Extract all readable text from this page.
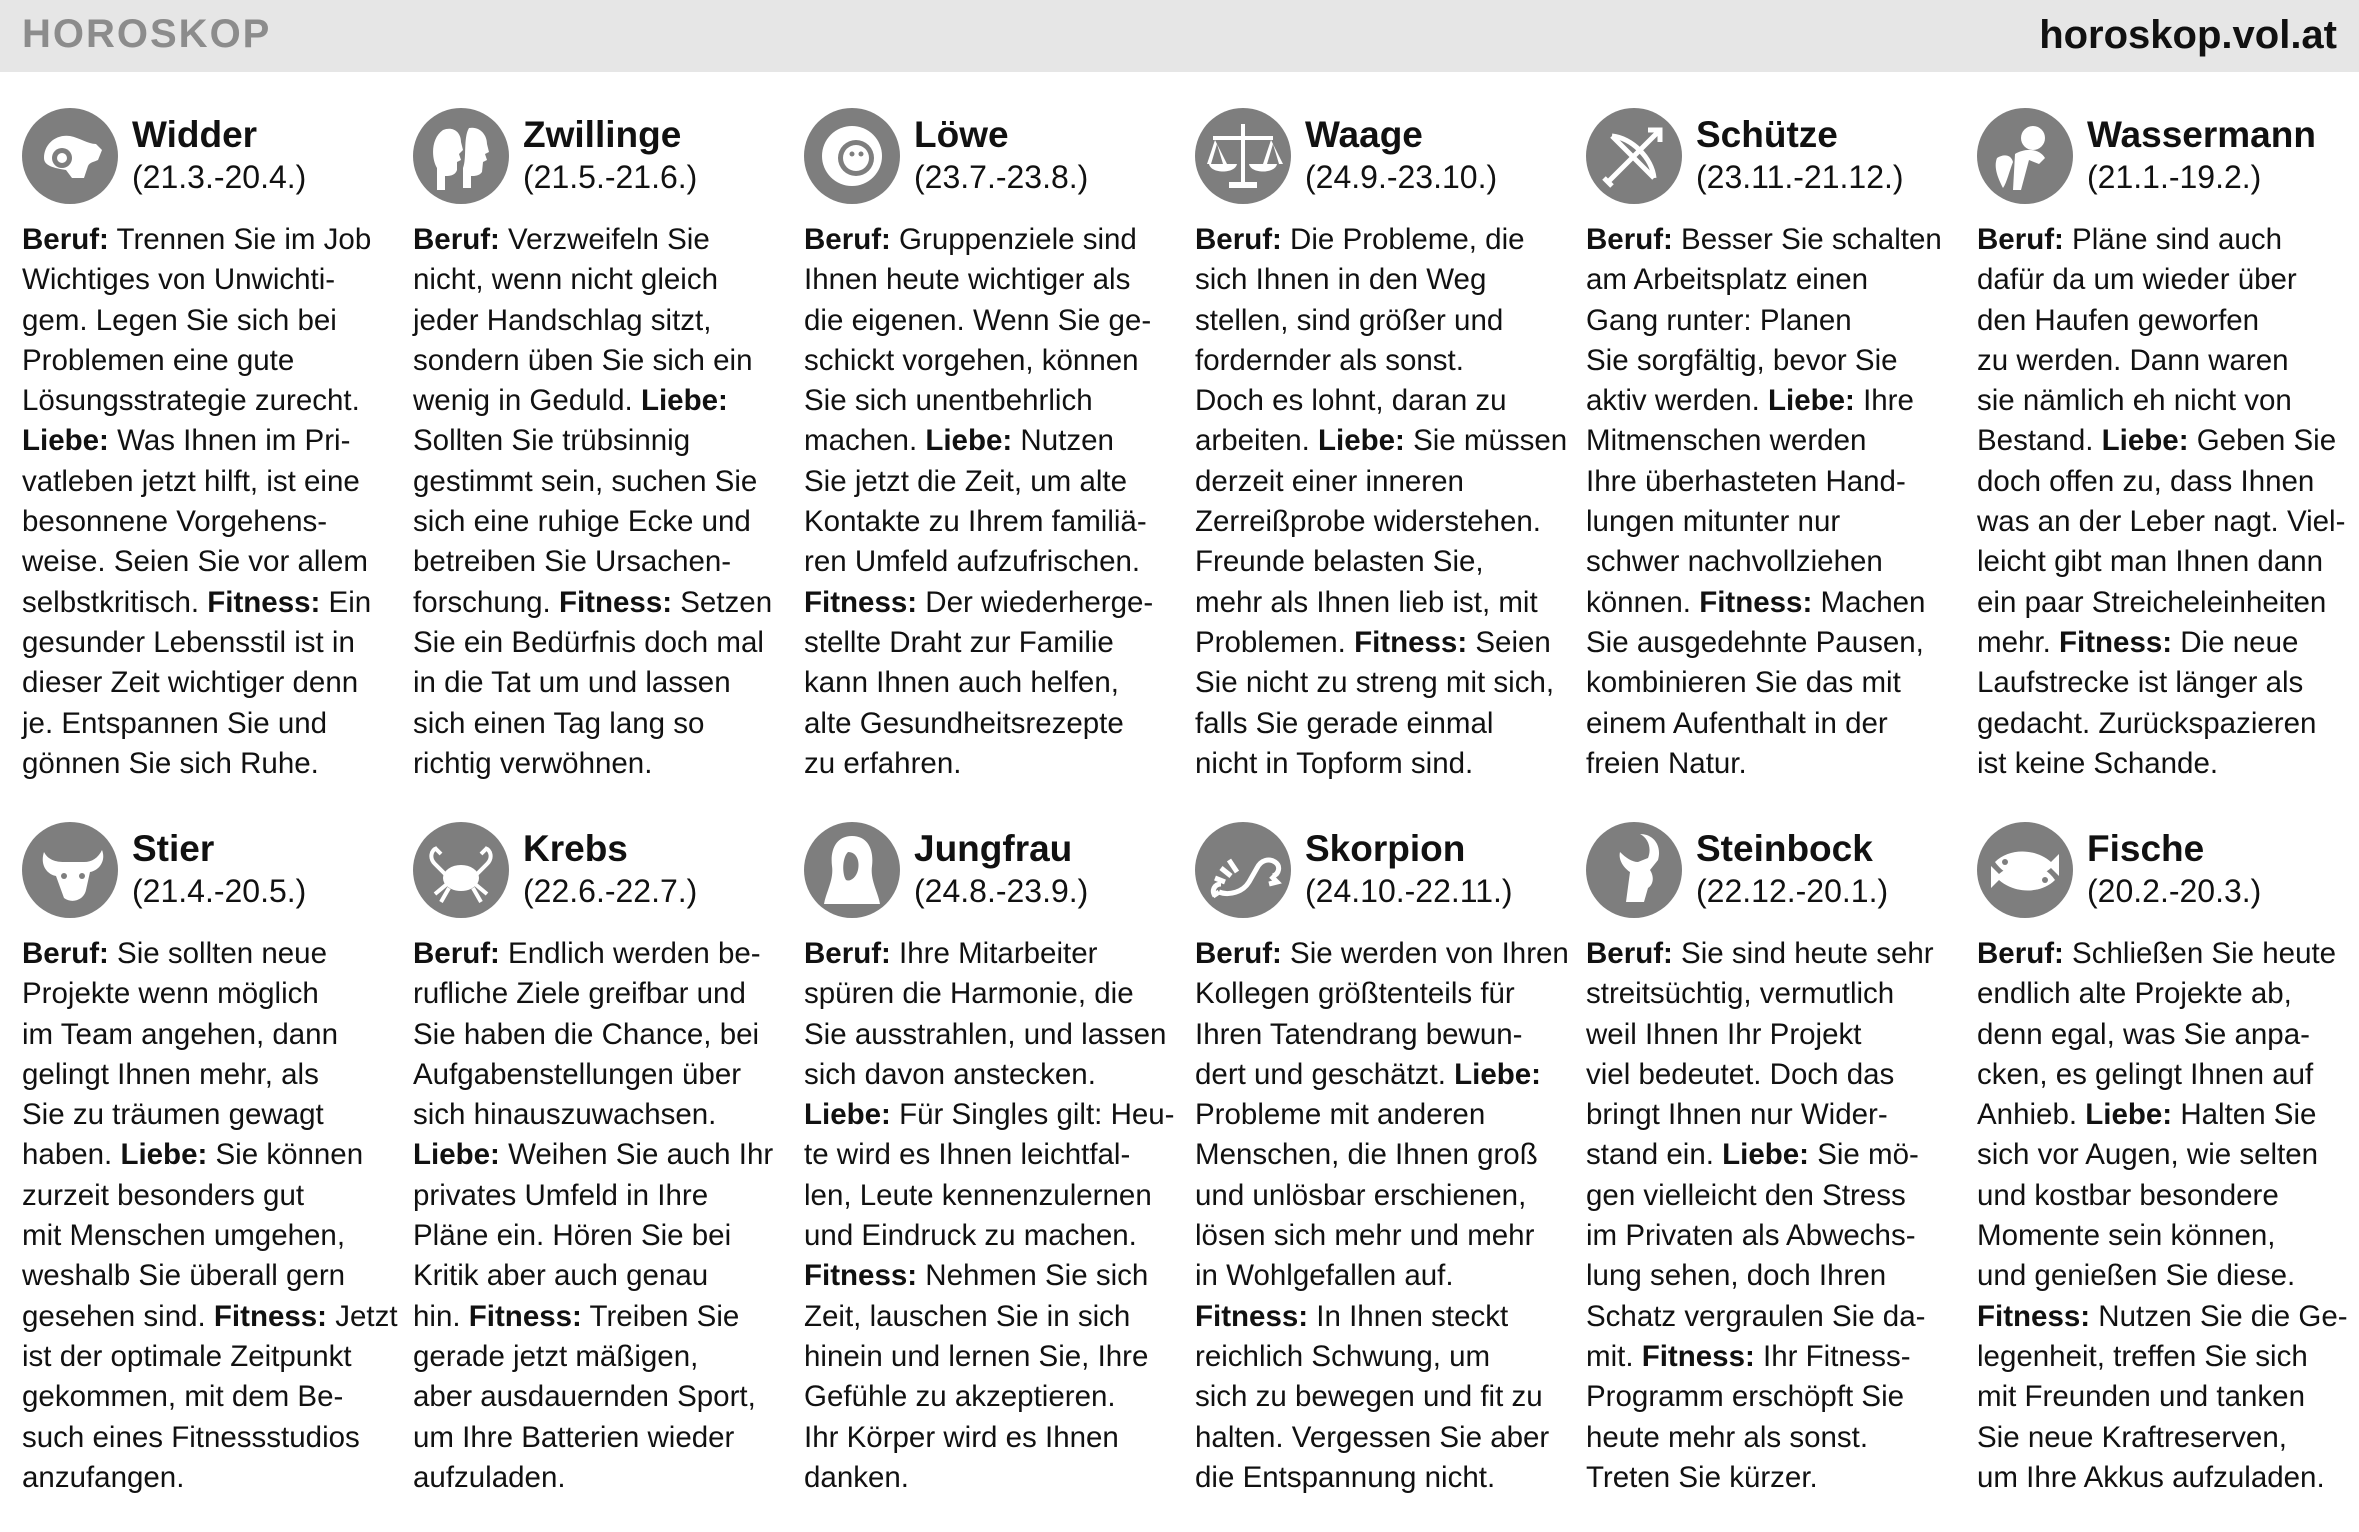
HOROSKOP	horoskop.vol.at
Widder
(21.3.-20.4.)
Beruf: Trennen Sie im Job
Wichtiges von Unwichti-
gem. Legen Sie sich bei
Problemen eine gute
Lösungsstrategie zurecht.
Liebe: Was Ihnen im Pri-
vatleben jetzt hilft, ist eine
besonnene Vorgehens-
weise. Seien Sie vor allem
selbstkritisch. Fitness: Ein
gesunder Lebensstil ist in
dieser Zeit wichtiger denn
je. Entspannen Sie und
gönnen Sie sich Ruhe.
Zwillinge
(21.5.-21.6.)
Beruf: Verzweifeln Sie
nicht, wenn nicht gleich
jeder Handschlag sitzt,
sondern üben Sie sich ein
wenig in Geduld. Liebe:
Sollten Sie trübsinnig
gestimmt sein, suchen Sie
sich eine ruhige Ecke und
betreiben Sie Ursachen-
forschung. Fitness: Setzen
Sie ein Bedürfnis doch mal
in die Tat um und lassen
sich einen Tag lang so
richtig verwöhnen.
Löwe
(23.7.-23.8.)
Beruf: Gruppenziele sind
Ihnen heute wichtiger als
die eigenen. Wenn Sie ge-
schickt vorgehen, können
Sie sich unentbehrlich
machen. Liebe: Nutzen
Sie jetzt die Zeit, um alte
Kontakte zu Ihrem familiä-
ren Umfeld aufzufrischen.
Fitness: Der wiederherge-
stellte Draht zur Familie
kann Ihnen auch helfen,
alte Gesundheitsrezepte
zu erfahren.
Waage
(24.9.-23.10.)
Beruf: Die Probleme, die
sich Ihnen in den Weg
stellen, sind größer und
fordernder als sonst.
Doch es lohnt, daran zu
arbeiten. Liebe: Sie müssen
derzeit einer inneren
Zerreißprobe widerstehen.
Freunde belasten Sie,
mehr als Ihnen lieb ist, mit
Problemen. Fitness: Seien
Sie nicht zu streng mit sich,
falls Sie gerade einmal
nicht in Topform sind.
Schütze
(23.11.-21.12.)
Beruf: Besser Sie schalten
am Arbeitsplatz einen
Gang runter: Planen
Sie sorgfältig, bevor Sie
aktiv werden. Liebe: Ihre
Mitmenschen werden
Ihre überhasteten Hand-
lungen mitunter nur
schwer nachvollziehen
können. Fitness: Machen
Sie ausgedehnte Pausen,
kombinieren Sie das mit
einem Aufenthalt in der
freien Natur.
Wassermann
(21.1.-19.2.)
Beruf: Pläne sind auch
dafür da um wieder über
den Haufen geworfen
zu werden. Dann waren
sie nämlich eh nicht von
Bestand. Liebe: Geben Sie
doch offen zu, dass Ihnen
was an der Leber nagt. Viel-
leicht gibt man Ihnen dann
ein paar Streicheleinheiten
mehr. Fitness: Die neue
Laufstrecke ist länger als
gedacht. Zurückspazieren
ist keine Schande.
Stier
(21.4.-20.5.)
Beruf: Sie sollten neue
Projekte wenn möglich
im Team angehen, dann
gelingt Ihnen mehr, als
Sie zu träumen gewagt
haben. Liebe: Sie können
zurzeit besonders gut
mit Menschen umgehen,
weshalb Sie überall gern
gesehen sind. Fitness: Jetzt
ist der optimale Zeitpunkt
gekommen, mit dem Be-
such eines Fitnessstudios
anzufangen.
Krebs
(22.6.-22.7.)
Beruf: Endlich werden be-
rufliche Ziele greifbar und
Sie haben die Chance, bei
Aufgabenstellungen über
sich hinauszuwachsen.
Liebe: Weihen Sie auch Ihr
privates Umfeld in Ihre
Pläne ein. Hören Sie bei
Kritik aber auch genau
hin. Fitness: Treiben Sie
gerade jetzt mäßigen,
aber ausdauernden Sport,
um Ihre Batterien wieder
aufzuladen.
Jungfrau
(24.8.-23.9.)
Beruf: Ihre Mitarbeiter
spüren die Harmonie, die
Sie ausstrahlen, und lassen
sich davon anstecken.
Liebe: Für Singles gilt: Heu-
te wird es Ihnen leichtfal-
len, Leute kennenzulernen
und Eindruck zu machen.
Fitness: Nehmen Sie sich
Zeit, lauschen Sie in sich
hinein und lernen Sie, Ihre
Gefühle zu akzeptieren.
Ihr Körper wird es Ihnen
danken.
Skorpion
(24.10.-22.11.)
Beruf: Sie werden von Ihren
Kollegen größtenteils für
Ihren Tatendrang bewun-
dert und geschätzt. Liebe:
Probleme mit anderen
Menschen, die Ihnen groß
und unlösbar erschienen,
lösen sich mehr und mehr
in Wohlgefallen auf.
Fitness: In Ihnen steckt
reichlich Schwung, um
sich zu bewegen und fit zu
halten. Vergessen Sie aber
die Entspannung nicht.
Steinbock
(22.12.-20.1.)
Beruf: Sie sind heute sehr
streitsüchtig, vermutlich
weil Ihnen Ihr Projekt
viel bedeutet. Doch das
bringt Ihnen nur Wider-
stand ein. Liebe: Sie mö-
gen vielleicht den Stress
im Privaten als Abwechs-
lung sehen, doch Ihren
Schatz vergraulen Sie da-
mit. Fitness: Ihr Fitness-
Programm erschöpft Sie
heute mehr als sonst.
Treten Sie kürzer.
Fische
(20.2.-20.3.)
Beruf: Schließen Sie heute
endlich alte Projekte ab,
denn egal, was Sie anpa-
cken, es gelingt Ihnen auf
Anhieb. Liebe: Halten Sie
sich vor Augen, wie selten
und kostbar besondere
Momente sein können,
und genießen Sie diese.
Fitness: Nutzen Sie die Ge-
legenheit, treffen Sie sich
mit Freunden und tanken
Sie neue Kraftreserven,
um Ihre Akkus aufzuladen.
